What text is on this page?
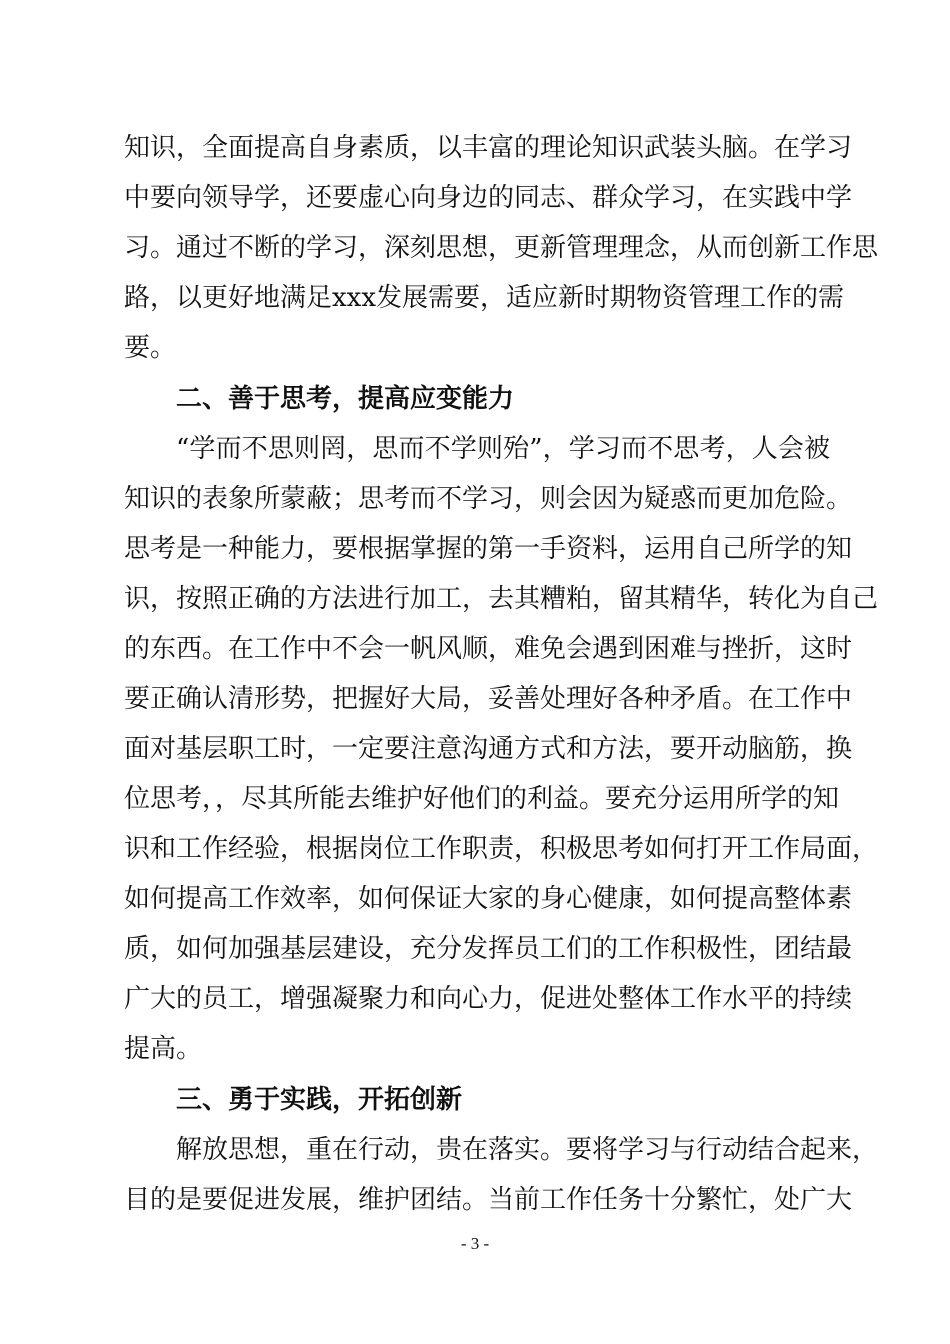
知识，全面提高自身素质，以丰富的理论知识武装头脑。在学习
中要向领导学，还要虚心向身边的同志、群众学习，在实践中学
习。通过不断的学习，深刻思想，更新管理理念，从而创新工作思
路，以更好地满足xxx发展需要，适应新时期物资管理工作的需
要。
二、善于思考，提高应变能力
“学而不思则罔，思而不学则殆”，学习而不思考，人会被
知识的表象所蒙蔽；思考而不学习，则会因为疑惑而更加危险。
思考是一种能力，要根据掌握的第一手资料，运用自己所学的知
识，按照正确的方法进行加工，去其糟粕，留其精华，转化为自己
的东西。在工作中不会一帆风顺，难免会遇到困难与挫折，这时
要正确认清形势，把握好大局，妥善处理好各种矛盾。在工作中
面对基层职工时，一定要注意沟通方式和方法，要开动脑筋，换
位思考，，尽其所能去维护好他们的利益。要充分运用所学的知
识和工作经验，根据岗位工作职责，积极思考如何打开工作局面，
如何提高工作效率，如何保证大家的身心健康，如何提高整体素
质，如何加强基层建设，充分发挥员工们的工作积极性，团结最
广大的员工，增强凝聚力和向心力，促进处整体工作水平的持续
提高。
三、勇于实践，开拓创新
解放思想，重在行动，贵在落实。要将学习与行动结合起来，
目的是要促进发展，维护团结。当前工作任务十分繁忙，处广大
- 3 -
